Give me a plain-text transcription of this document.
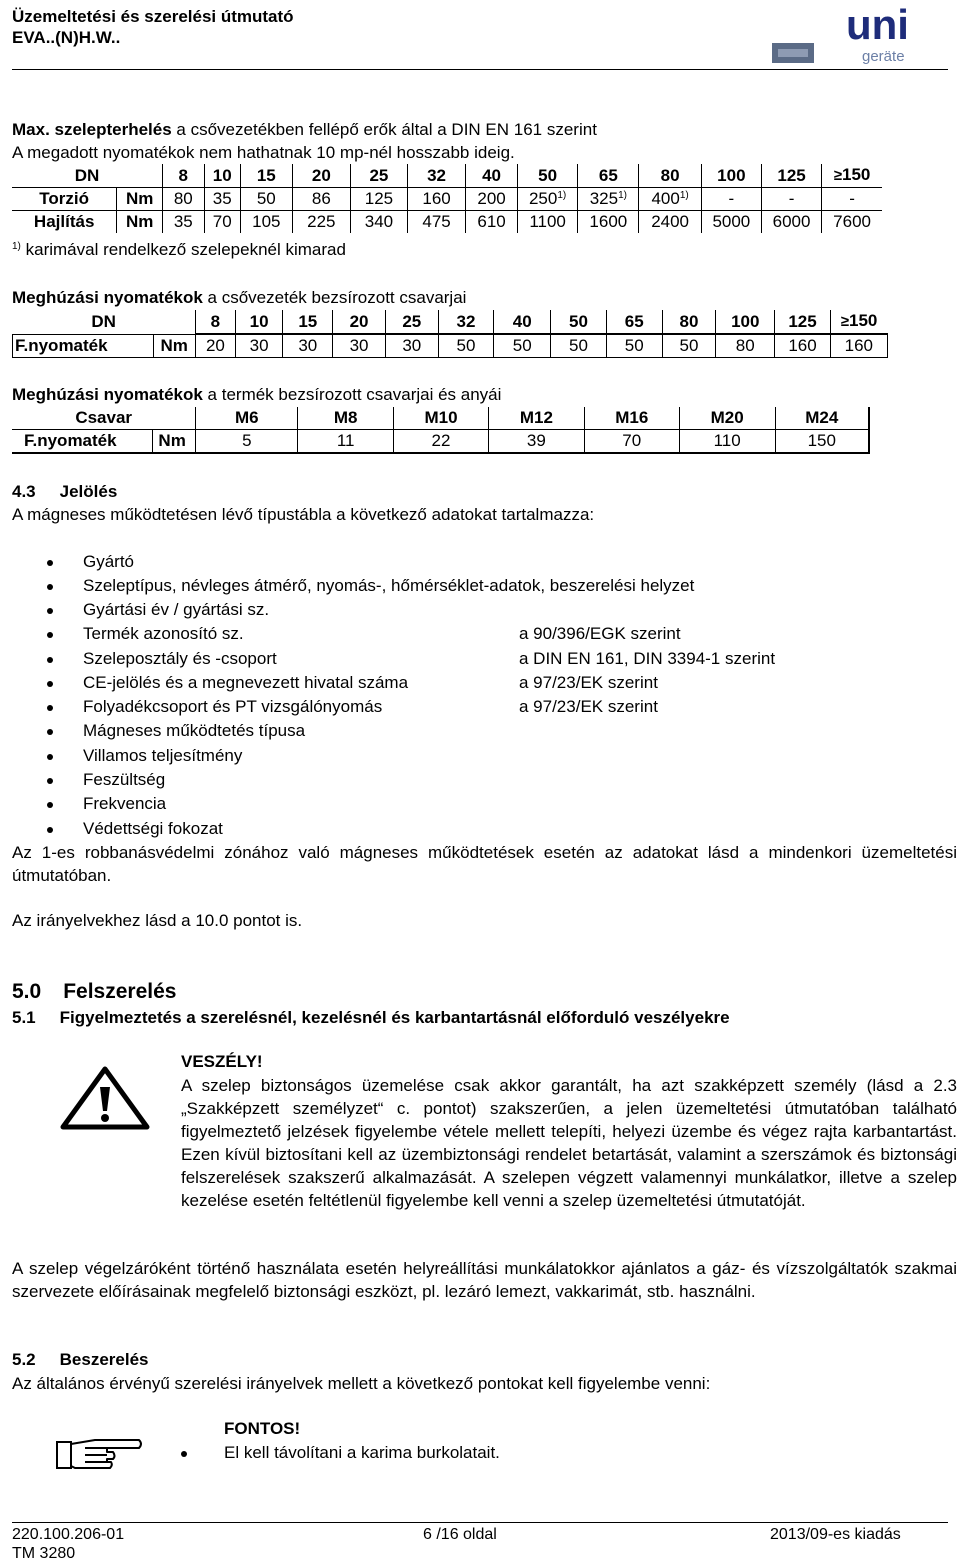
Üzemeltetési és szerelési útmutató
EVA..(N)H.W..	uni
geräte
Max. szelepterhelés a csővezetékben fellépő erők által a DIN EN 161 szerint
A megadott nyomatékok nem hathatnak 10 mp-nél hosszabb ideig.
DN		8	10	15	20	25	32	40	50	65	80	100	125	≥150
Torzió	Nm	80	35	50	86	125	160	200	250$^{1)}$	325$^{1)}$	400$^{1)}$	-	-	-
Hajlítás	Nm	35	70	105	225	340	475	610	1100	1600	2400	5000	6000	7600
$^{1)}$ karimával rendelkező szelepeknél kimarad
Meghúzási nyomatékok a csővezeték bezsírozott csavarjai
DN		8	10	15	20	25	32	40	50	65	80	100	125	≥150
F.nyomaték	Nm	20	30	30	30	30	50	50	50	50	50	80	160	160
Meghúzási nyomatékok a termék bezsírozott csavarjai és anyái
Csavar		M6	M8	M10	M12	M16	M20	M24
F.nyomaték	Nm	5	11	22	39	70	110	150
4.3 Jelölés
A mágneses működtetésen lévő típustábla a következő adatokat tartalmazza:
Gyártó
Szeleptípus, névleges átmérő, nyomás-, hőmérséklet-adatok, beszerelési helyzet
Gyártási év / gyártási sz.
Termék azonosító sz.	a 90/396/EGK szerint
Szeleposztály és -csoport	a DIN EN 161, DIN 3394-1 szerint
CE-jelölés és a megnevezett hivatal száma	a 97/23/EK szerint
Folyadékcsoport és PT vizsgálónyomás	a 97/23/EK szerint
Mágneses működtetés típusa
Villamos teljesítmény
Feszültség
Frekvencia
Védettségi fokozat
Az 1-es robbanásvédelmi zónához való mágneses működtetések esetén az adatokat lásd a mindenkori üzemeltetési útmutatóban.
Az irányelvekhez lásd a 10.0 pontot is.
5.0 Felszerelés
5.1 Figyelmeztetés a szerelésnél, kezelésnél és karbantartásnál előforduló veszélyekre
VESZÉLY!
A szelep biztonságos üzemelése csak akkor garantált, ha azt szakképzett személy (lásd a 2.3 „Szakképzett személyzet“ c. pontot) szakszerűen, a jelen üzemeltetési útmutatóban található figyelmeztető jelzések figyelembe vétele mellett telepíti, helyezi üzembe és végez rajta karbantartást. Ezen kívül biztosítani kell az üzembiztonsági rendelet betartását, valamint a szerszámok és biztonsági felszerelések szakszerű alkalmazását. A szelepen végzett valamennyi munkálatkor, illetve a szelep kezelése esetén feltétlenül figyelembe kell venni a szelep üzemeltetési útmutatóját.
A szelep végelzáróként történő használata esetén helyreállítási munkálatokkor ajánlatos a gáz- és vízszolgáltatók szakmai szervezete előírásainak megfelelő biztonsági eszközt, pl. lezáró lemezt, vakkarimát, stb. használni.
5.2 Beszerelés
Az általános érvényű szerelési irányelvek mellett a következő pontokat kell figyelembe venni:
FONTOS!
El kell távolítani a karima burkolatait.
220.100.206-01
TM 3280
6 /16 oldal	2013/09-es kiadás
